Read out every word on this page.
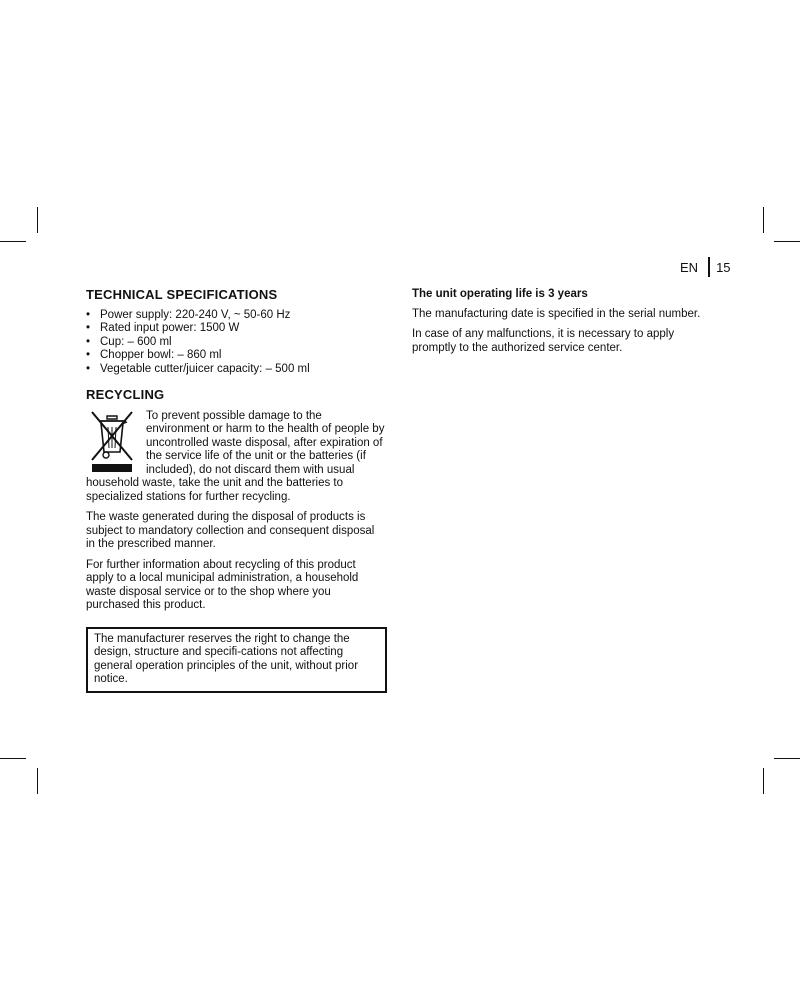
EN 15
TECHNICAL SPECIFICATIONS
• Power supply: 220-240 V, ~ 50-60 Hz
• Rated input power: 1500 W
• Cup: – 600 ml
• Chopper bowl: – 860 ml
• Vegetable cutter/juicer capacity: – 500 ml
RECYCLING

To prevent possible damage to the environment or harm to the health of people by uncontrolled waste disposal, after expiration of the service life of the unit or the batteries (if included), do not discard them with usual household waste, take the unit and the batteries to specialized stations for further recycling.

The waste generated during the disposal of products is subject to mandatory collection and consequent disposal in the prescribed manner.

For further information about recycling of this product apply to a local municipal administration, a household waste disposal service or to the shop where you purchased this product.

The manufacturer reserves the right to change the design, structure and specifi-cations not affecting general operation principles of the unit, without prior notice.
The unit operating life is 3 years

The manufacturing date is specified in the serial number.

In case of any malfunctions, it is necessary to apply promptly to the authorized service center.
